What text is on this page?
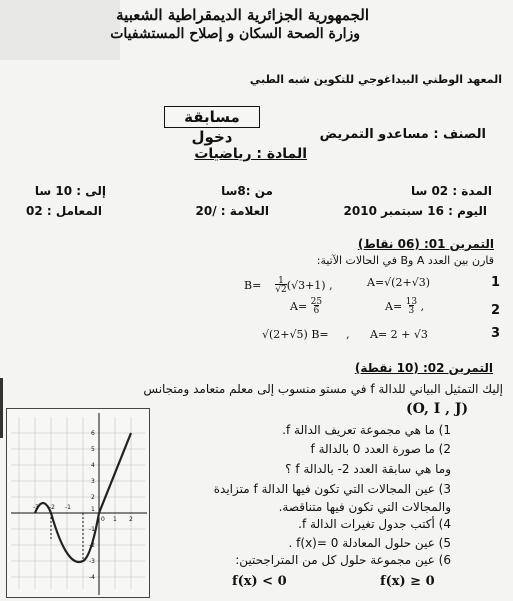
الجمهورية الجزائرية الديمقراطية الشعبية
وزارة الصحة السكان و إصلاح المستشفيات
المعهد الوطني البيداغوجي للتكوين شبه الطبي
مسابقة دخول	الصنف : مساعدو التمريض
المادة : رياضيات
المدة : 02 سا
من :8سا
إلى : 10 سا
اليوم : 16 سبتمبر 2010
العلامة : /20
المعامل : 02
التمرين 01: (06 نقاط)
قارن بين العدد A وB في الحالات الآتية:
1
A=√(2+√3)
$B= \frac{1}{√2}(√3+1)$ ,
2
$A= \frac{13}{3}$ ,
$A= \frac{25}{6}$
3
A= 2 + √3
√(2+√5) B=     ,
التمرين 02: (10 نقطة)
إليك التمثيل البياني للدالة f في مستو منسوب إلى معلم متعامد ومتجانس
(O, I , J)
1) ما هي مجموعة تعريف الدالة f.
2) ما صورة العدد 0 بالدالة f
وما هي سابقة العدد 2- بالدالة f ؟
3) عين المجالات التي تكون فيها الدالة f متزايدة
والمجالات التي تكون فيها متناقصة.
4) أكتب جدول تغيرات الدالة f.
5) عين حلول المعادلة f(x)= 0 .
6) عين مجموعة حلول كل من المتراجحتين:
f(x) < 0	f(x) ≥ 0
-3 -2 -1
1 2
6
5
4
3
2
1
-1
-2
-3
-4
0
